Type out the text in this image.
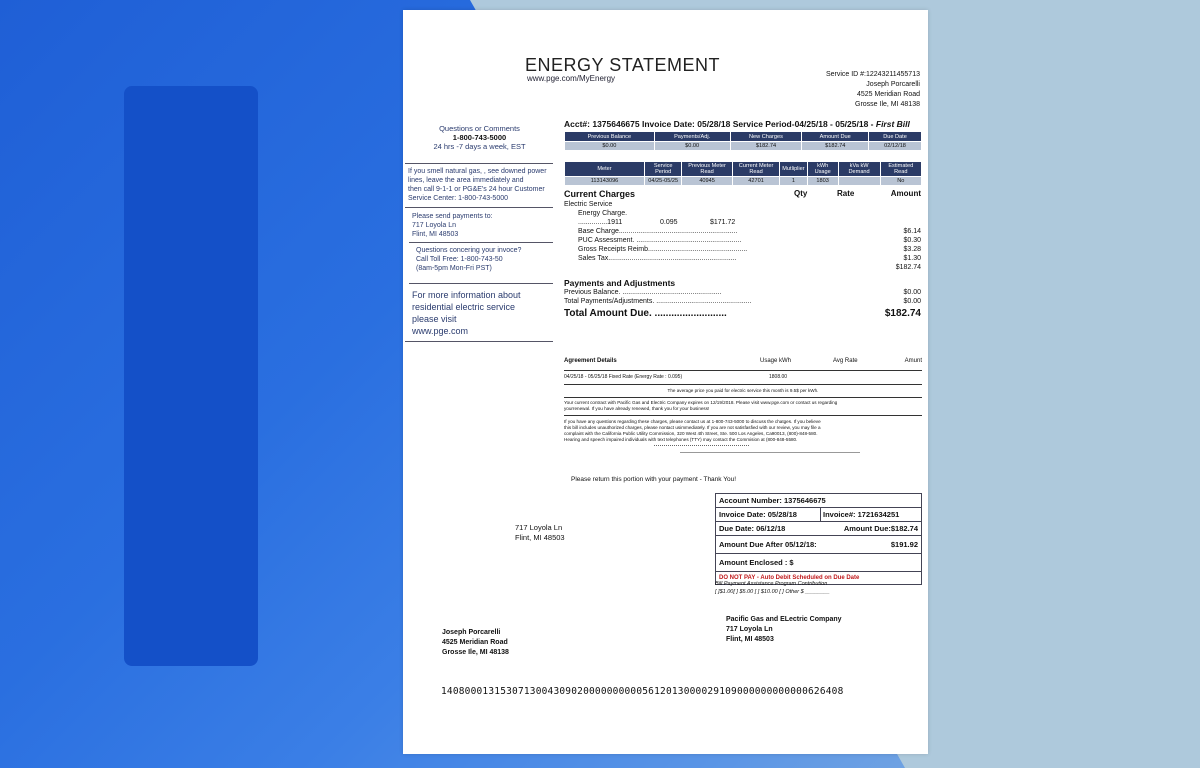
ENERGY STATEMENT
www.pge.com/MyEnergy	Service ID #:12243211455713
Joseph Porcarelli
4525 Meridian Road
Grosse Ile, MI 48138
Questions or Comments
1-800-743-5000
24 hrs -7 days a week, EST
If you smell natural gas, , see downed power
lines, leave the area immediately and
then call 9-1-1 or PG&E's 24 hour Customer
Service Center: 1-800-743-5000
Please send payments to:
717 Loyola Ln
Flint, MI 48503
Questions concering your invoce?
Call Toll Free: 1-800-743-50
(8am-5pm Mon-Fri PST)
For more information about
residential electric service
please visit
www.pge.com
Acct#: 1375646675 Invoice Date: 05/28/18 Service Period-04/25/18 - 05/25/18 - First Bill
Previous Balance	Payments/Adj.	New Charges	Amount Due	Due Date
$0.00	$0.00	$182.74	$182.74	02/12/18
Meter	Service Period	Previous Meter Read	Current Meter Read	Mutliplier	kWh Usage	kVa kW Demand	Estimated Read
113143096	04/25-05/25	40945	42701	1	1803		No
Current Charges	Qty	Rate	Amount
Electric Service
Energy Charge.
...............1911	0.095	$171.72
Base Charge.............................................................	$6.14
PUC Assessment. ......................................................	$0.30
Gross Receipts Reimb...................................................	$3.28
Sales Tax..................................................................	$1.30
$182.74
Payments and Adjustments
Previous Balance. ...................................................	$0.00
Total Payments/Adjustments. .................................................	$0.00
Total Amount Due. ..........................	$182.74
Agreement Details	Usage kWh	Avg Rate	Amunt
04/25/18 - 05/25/18 Fixed Rate (Energy Rate : 0.095)	1808.00
The average price you paid for electric service this month is 9.5$ per kWh.
Your current contract with Pacific Gas and Electric Company expires on 12/19/2018. Please visit www.pge.com or contact us regarding
yourrenewal. If you have already renewed, thank you for your business!
If you have any questions regarding these charges, please contact us at 1-800-743-5000 to discuss the chatges. If you believe
this bill includes unauthorized charges, please nontact usimmediately. If you are not satisfasfied with our review, you may file a
complaint with the California Public Utility Commission, 320 West 4th Street, Ste. 500 Los Angeles, Ca90013, (800)-848-580.
Hearing and speech impaired individuals with text telephones (TTY) may contact the Commision at (800-848-5580.
Please return this portion with your payment - Thank You!
717 Loyola Ln
Flint, MI 48503
Account Number: 1375646675
Invoice Date: 05/28/18	Invoice#: 1721634251
Due Date: 06/12/18	Amount Due:$182.74
Amount Due After 05/12/18:	$191.92
Amount Enclosed : $
DO NOT PAY - Auto Debit Scheduled on Due Date
Bill Payment Assistance Program Contribution
[ ]$1.00[ ] $5.00 [ ] $10.00 [ ] Other $ ________
Joseph Porcarelli
4525 Meridian Road
Grosse Ile, MI 48138
Pacific Gas and ELectric Company
717 Loyola Ln
Flint, MI 48503
14080001315307130043090200000000005612013000029109000000000000626408
